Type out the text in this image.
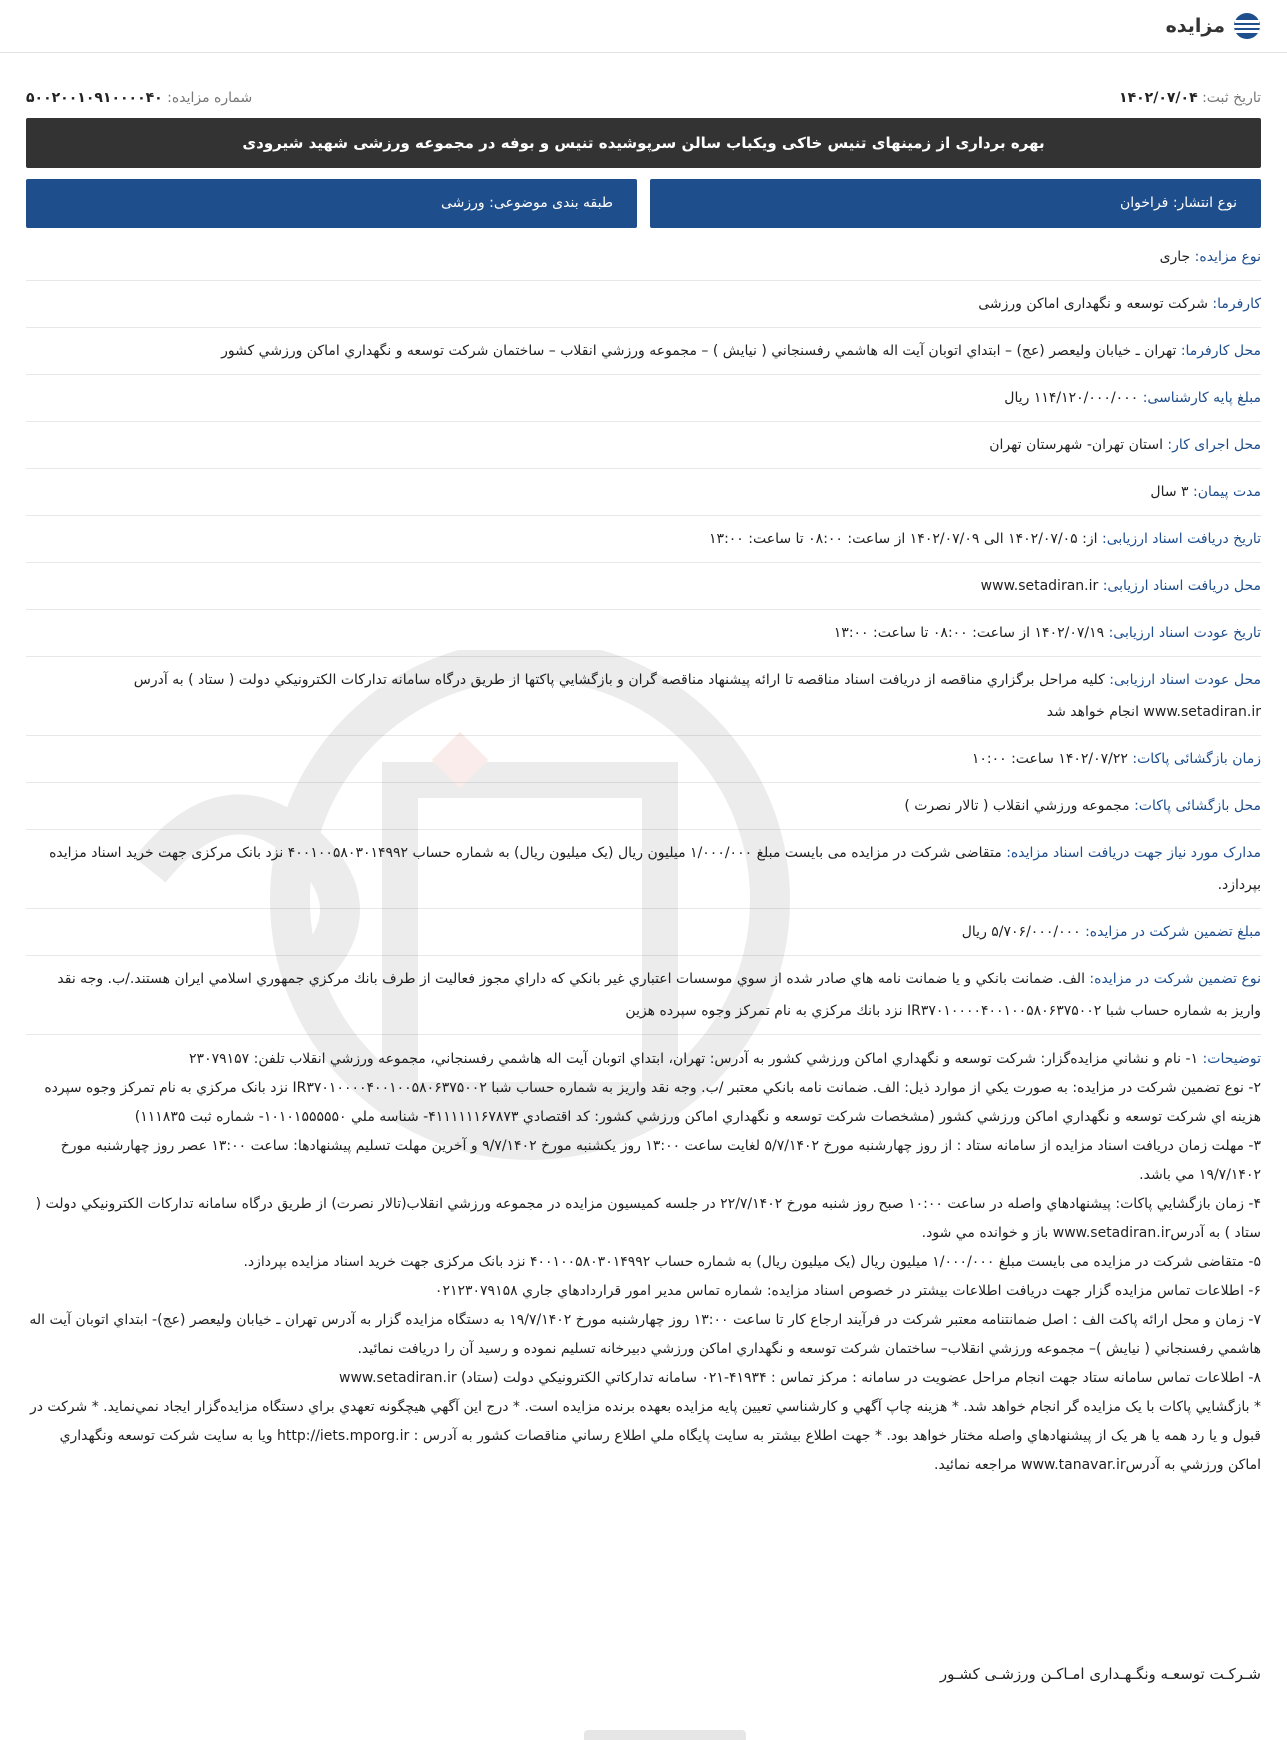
مزایده
تاریخ ثبت: ۱۴۰۲/۰۷/۰۴
شماره مزایده: ۵۰۰۲۰۰۱۰۹۱۰۰۰۰۴۰
بهره برداری از زمینهای تنیس خاکی ویکباب سالن سرپوشیده تنیس و بوفه در مجموعه ورزشی شهید شیرودی
نوع انتشار: فراخوان
طبقه بندی موضوعی: ورزشی
نوع مزایده: جاری
کارفرما: شرکت توسعه و نگهداری اماکن ورزشی
محل کارفرما: تهران ـ خيابان وليعصر (عج) – ابتداي اتوبان آيت اله هاشمي رفسنجاني ( نيايش ) – مجموعه ورزشي انقلاب – ساختمان شرکت توسعه و نگهداري اماکن ورزشي کشور
مبلغ پایه کارشناسی: ۱۱۴/۱۲۰/۰۰۰/۰۰۰ ریال
محل اجرای کار: استان تهران- شهرستان تهران
مدت پیمان: ۳ سال
تاریخ دریافت اسناد ارزیابی: از: ۱۴۰۲/۰۷/۰۵ الی ۱۴۰۲/۰۷/۰۹ از ساعت: ۰۸:۰۰ تا ساعت: ۱۳:۰۰
محل دریافت اسناد ارزیابی: www.setadiran.ir
تاریخ عودت اسناد ارزیابی: ۱۴۰۲/۰۷/۱۹ از ساعت: ۰۸:۰۰ تا ساعت: ۱۳:۰۰
محل عودت اسناد ارزیابی: کليه مراحل برگزاري مناقصه از دريافت اسناد مناقصه تا ارائه پيشنهاد مناقصه گران و بازگشايي پاکتها از طريق درگاه سامانه تدارکات الکترونيکي دولت ( ستاد ) به آدرس www.setadiran.ir انجام خواهد شد
زمان بازگشائی پاکات: ۱۴۰۲/۰۷/۲۲ ساعت: ۱۰:۰۰
محل بازگشائی پاکات: مجموعه ورزشي انقلاب ( تالار نصرت )
مدارک مورد نیاز جهت دریافت اسناد مزایده: متقاضی شرکت در مزایده می بایست مبلغ ۱/۰۰۰/۰۰۰ میلیون ریال (یک میلیون ریال) به شماره حساب ۴۰۰۱۰۰۵۸۰۳۰۱۴۹۹۲ نزد بانک مرکزی جهت خرید اسناد مزایده بپردازد.
مبلغ تضمین شرکت در مزایده: ۵/۷۰۶/۰۰۰/۰۰۰ ریال
نوع تضمین شرکت در مزایده: الف. ضمانت بانكي و يا ضمانت نامه هاي صادر شده از سوي موسسات اعتباري غير بانكي كه داراي مجوز فعاليت از طرف بانك مركزي جمهوري اسلامي ايران هستند./ب. وجه نقد واريز به شماره حساب شبا IR۳۷۰۱۰۰۰۰۴۰۰۱۰۰۵۸۰۶۳۷۵۰۰۲ نزد بانك مركزي به نام تمركز وجوه سپرده هزين

توضیحات: ۱- نام و نشاني مزايده‌گزار: شرکت توسعه و نگهداري اماکن ورزشي كشور به آدرس: تهران، ابتداي اتوبان آيت اله هاشمي رفسنجاني، مجموعه ورزشي انقلاب تلفن: ۲۳۰۷۹۱۵۷

۲- نوع تضمين شرکت در مزايده: به صورت يکي از موارد ذيل: الف. ضمانت نامه بانكي معتبر /ب. وجه نقد واريز به شماره حساب شبا IR۳۷۰۱۰۰۰۰۴۰۰۱۰۰۵۸۰۶۳۷۵۰۰۲ نزد بانک مرکزي به نام تمرکز وجوه سپرده هزينه اي شرکت توسعه و نگهداري اماکن ورزشي کشور (مشخصات شرکت توسعه و نگهداري اماکن ورزشي کشور: کد اقتصادي ۴۱۱۱۱۱۱۶۷۸۷۳- شناسه ملي ۱۰۱۰۱۵۵۵۵۵۰- شماره ثبت ۱۱۱۸۳۵)

۳- مهلت زمان دريافت اسناد مزايده از سامانه ستاد : از روز چهارشنبه مورخ ۵/۷/۱۴۰۲ لغايت ساعت ۱۳:۰۰ روز يكشنبه مورخ ۹/۷/۱۴۰۲ و آخرين مهلت تسليم پيشنهادها: ساعت ۱۳:۰۰ عصر روز چهارشنبه مورخ ۱۹/۷/۱۴۰۲ مي باشد.

۴- زمان بازگشايي پاکات: پيشنهادهاي واصله در ساعت ۱۰:۰۰ صبح روز شنبه مورخ ۲۲/۷/۱۴۰۲ در جلسه کميسيون مزايده در مجموعه ورزشي انقلاب(تالار نصرت) از طريق درگاه سامانه تدارکات الکترونيکي دولت ( ستاد ) به آدرسwww.setadiran.ir باز و خوانده مي شود.

۵- متقاضی شرکت در مزایده می بایست مبلغ ۱/۰۰۰/۰۰۰ میلیون ریال (یک میلیون ریال) به شماره حساب ۴۰۰۱۰۰۵۸۰۳۰۱۴۹۹۲ نزد بانک مرکزی جهت خرید اسناد مزایده بپردازد.

۶- اطلاعات تماس مزايده گزار جهت دريافت اطلاعات بيشتر در خصوص اسناد مزايده: شماره تماس مدير امور قراردادهاي جاري ۰۲۱۲۳۰۷۹۱۵۸

۷- زمان و محل ارائه پاکت الف : اصل ضمانتنامه معتبر شرکت در فرآيند ارجاع کار تا ساعت ۱۳:۰۰ روز چهارشنبه مورخ ۱۹/۷/۱۴۰۲ به دستگاه مزايده گزار به آدرس تهران ـ خيابان وليعصر (عج)- ابتداي اتوبان آيت اله هاشمي رفسنجاني ( نيايش )– مجموعه ورزشي انقلاب– ساختمان شرکت توسعه و نگهداري اماکن ورزشي دبيرخانه تسليم نموده و رسيد آن را دريافت نمائيد.

۸- اطلاعات تماس سامانه ستاد جهت انجام مراحل عضويت در سامانه : مرکز تماس : ۴۱۹۳۴-۰۲۱ سامانه تداركاتي الكترونيكي دولت (ستاد) www.setadiran.ir

* بازگشايي پاکات با يک مزايده گر انجام خواهد شد. * هزينه چاپ آگهي و کارشناسي تعيين پايه مزايده بعهده برنده مزايده است. * درج اين آگهي هيچگونه تعهدي براي دستگاه مزايده‌گزار ايجاد نمي‌نمايد. * شرکت در قبول و يا رد همه يا هر يک از پيشنهادهاي واصله مختار خواهد بود. * جهت اطلاع بيشتر به سايت پايگاه ملي اطلاع رساني مناقصات کشور به آدرس : http://iets.mporg.ir ويا به سايت شرکت توسعه ونگهداري اماکن ورزشي به آدرسwww.tanavar.ir مراجعه نمائيد.

شـرکـت توسعـه ونگـهـداری امـاکـن ورزشـی کشـور
